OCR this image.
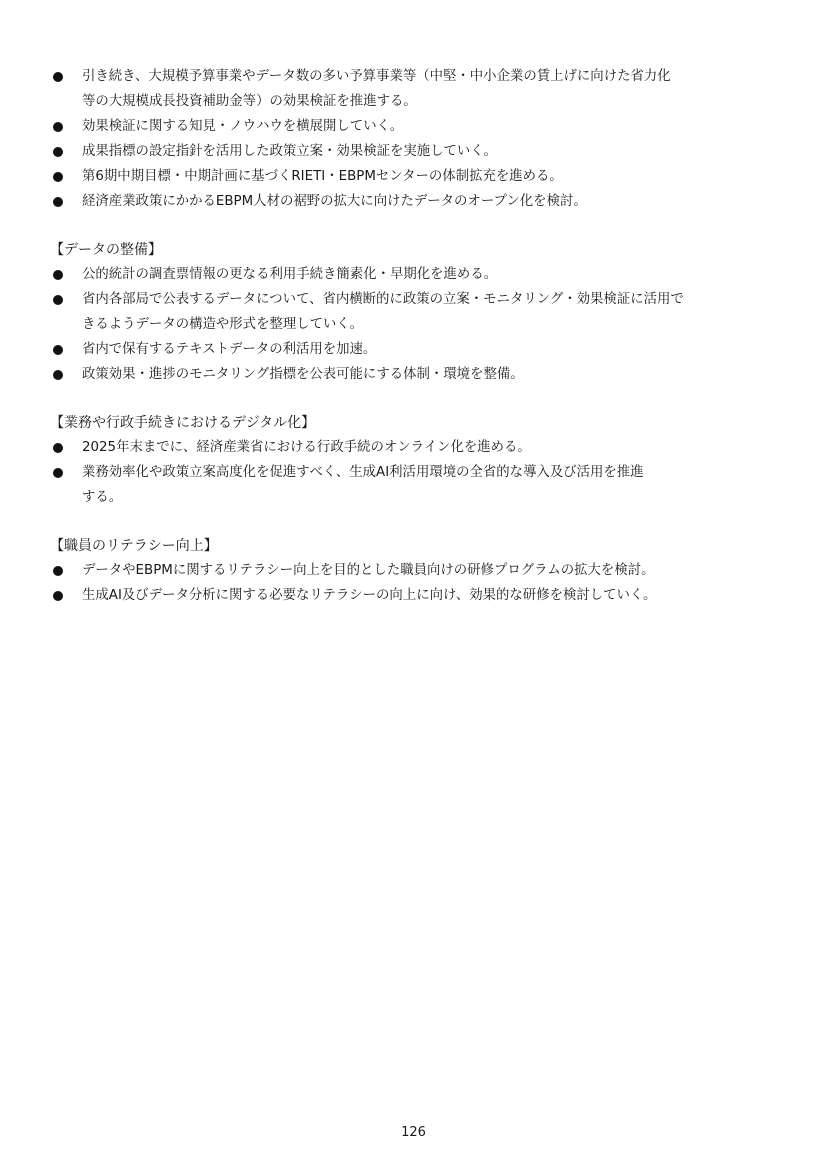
引き続き、大規模予算事業やデータ数の多い予算事業等（中堅・中小企業の賃上げに向けた省力化
等の大規模成長投資補助金等）の効果検証を推進する。
効果検証に関する知見・ノウハウを横展開していく。
成果指標の設定指針を活用した政策立案・効果検証を実施していく。
第6期中期目標・中期計画に基づくRIETI・EBPMセンターの体制拡充を進める。
経済産業政策にかかるEBPM人材の裾野の拡大に向けたデータのオープン化を検討。

【データの整備】

公的統計の調査票情報の更なる利用手続き簡素化・早期化を進める。
省内各部局で公表するデータについて、省内横断的に政策の立案・モニタリング・効果検証に活用で
きるようデータの構造や形式を整理していく。
省内で保有するテキストデータの利活用を加速。
政策効果・進捗のモニタリング指標を公表可能にする体制・環境を整備。

【業務や行政手続きにおけるデジタル化】

2025年末までに、経済産業省における行政手続のオンライン化を進める。
業務効率化や政策立案高度化を促進すべく、生成AI利活用環境の全省的な導入及び活用を推進
する。

【職員のリテラシー向上】

データやEBPMに関するリテラシー向上を目的とした職員向けの研修プログラムの拡大を検討。
生成AI及びデータ分析に関する必要なリテラシーの向上に向け、効果的な研修を検討していく。
126
